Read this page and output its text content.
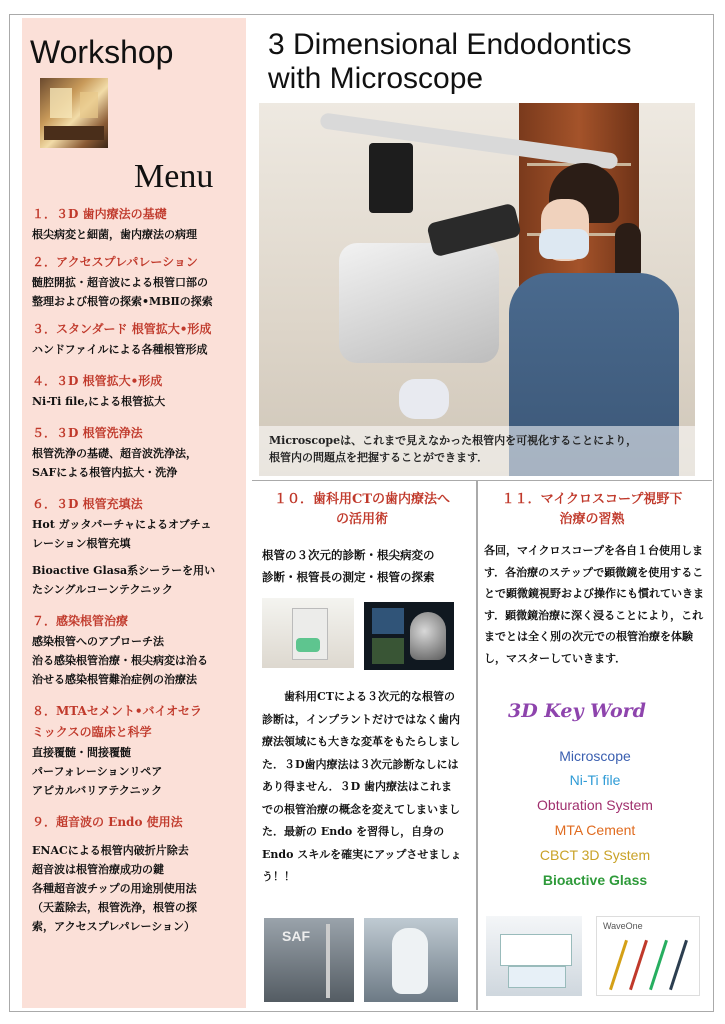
Workshop
Menu
１．３D 歯内療法の基礎
根尖病変と細菌，歯内療法の病理
２．アクセスプレパレーション
髄腔開拡・超音波による根管口部の
整理および根管の探索•MBⅡの探索
３．スタンダード 根管拡大•形成
ハンドファイルによる各種根管形成
４．３D 根管拡大•形成
Ni-Ti file,による根管拡大
５．３D 根管洗浄法
根管洗浄の基礎、超音波洗浄法，
SAFによる根管内拡大・洗浄
６．３D 根管充填法
Hot ガッタパーチャによるオブチュ
レーション根管充填
Bioactive Glasa系シーラーを用い
たシングルコーンテクニック
７．感染根管治療
感染根管へのアプローチ法
治る感染根管治療・根尖病変は治る
治せる感染根管難治症例の治療法
８．MTAセメント•バイオセラ
ミックスの臨床と科学
直接覆髄・間接覆髄
パーフォレーションリペア
アピカルバリアテクニック
９．超音波の Endo 使用法
ENACによる根管内破折片除去
超音波は根管治療成功の鍵
各種超音波チップの用途別使用法
（天蓋除去，根管洗浄，根管の探
索，アクセスプレパレーション）
3 Dimensional Endodontics
with Microscope
Microscopeは、これまで見えなかった根管内を可視化することにより，
根管内の問題点を把握することができます．
１０．歯科用CTの歯内療法へ
の活用術
根管の３次元的診断・根尖病変の
診断・根管長の測定・根管の探索
歯科用CTによる３次元的な根管の診断は，インプラントだけではなく歯内療法領域にも大きな変革をもたらしました．３D歯内療法は３次元診断なしにはあり得ません．３D 歯内療法はこれまでの根管治療の概念を変えてしまいました．最新の Endo を習得し，自身の Endo スキルを確実にアップさせましょう！！
SAF
１１．マイクロスコープ視野下
治療の習熟
各回，マイクロスコープを各自１台使用します．各治療のステップで顕微鏡を使用することで顕微鏡視野および操作にも慣れていきます．顕微鏡治療に深く浸ることにより，これまでとは全く別の次元での根管治療を体験し，マスターしていきます．
3D Key Word
Microscope
Ni-Ti file
Obturation System
MTA Cement
CBCT 3D System
Bioactive Glass
WaveOne
